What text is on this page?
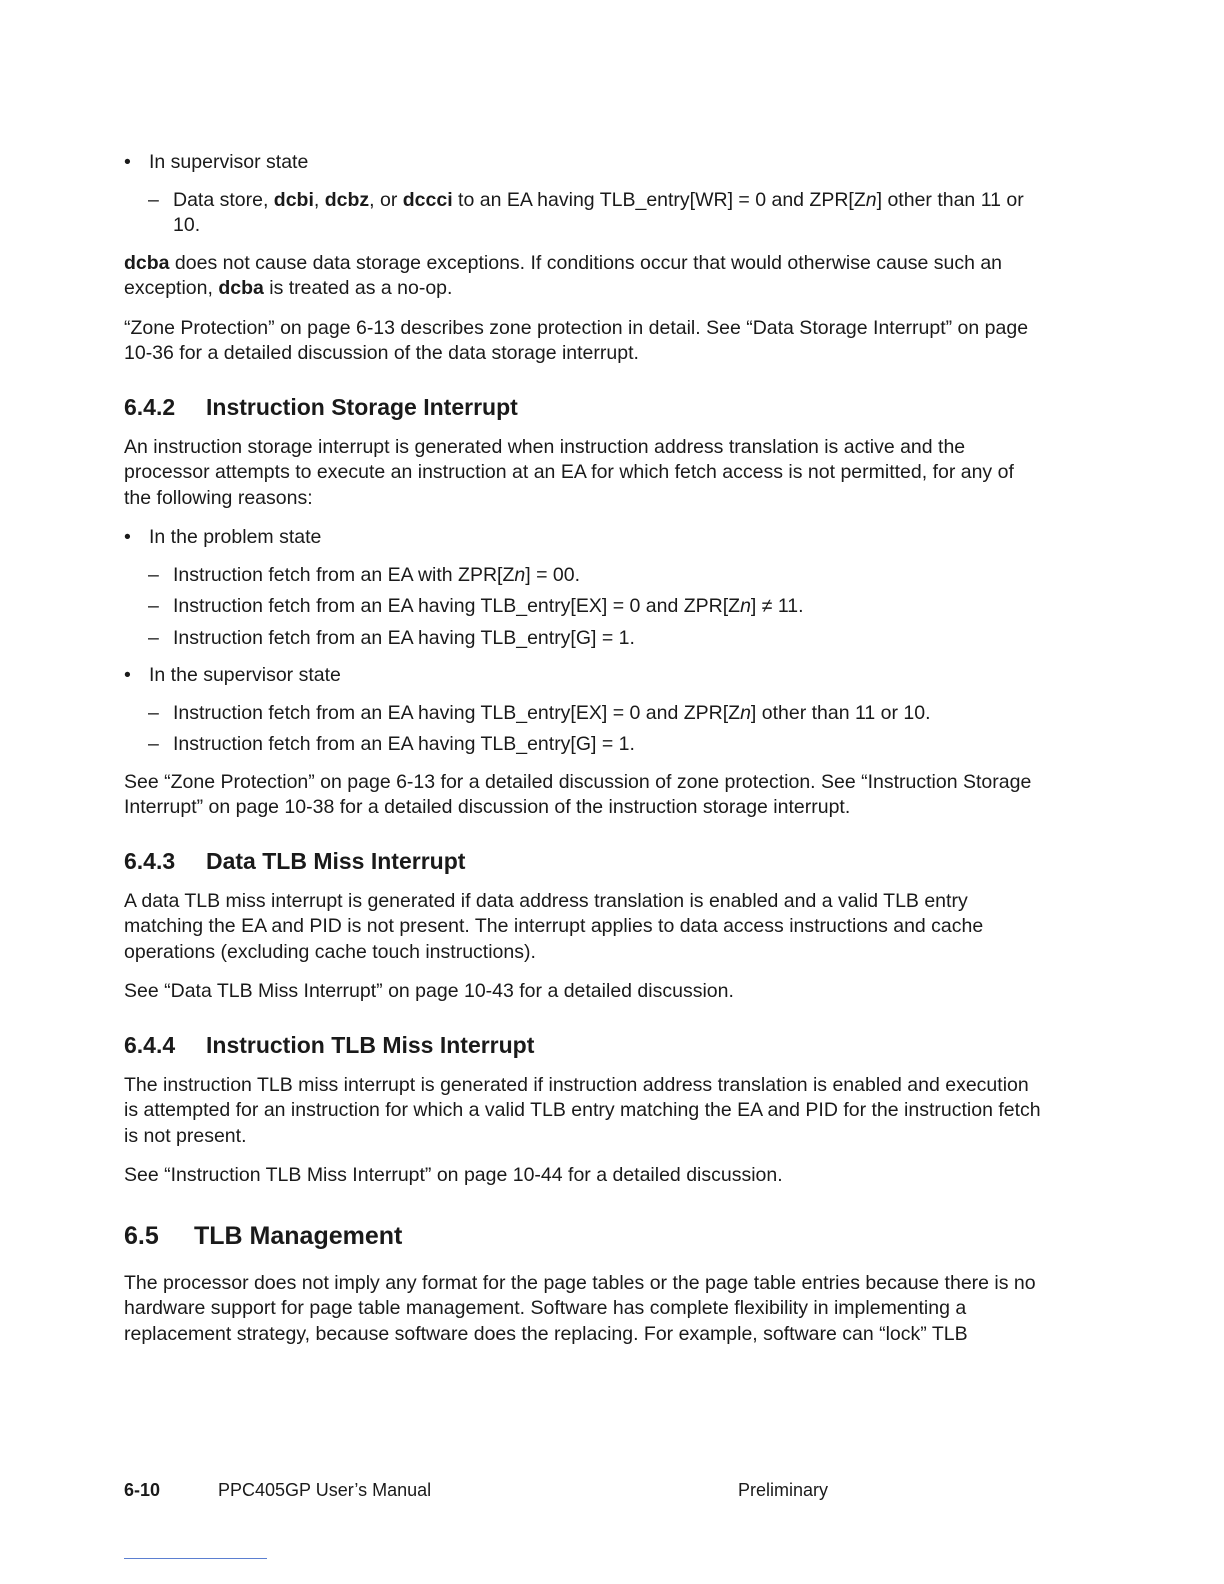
• In supervisor state

– Data store, dcbi, dcbz, or dccci to an EA having TLB_entry[WR] = 0 and ZPR[Zn] other than 11 or 10.

dcba does not cause data storage exceptions. If conditions occur that would otherwise cause such an exception, dcba is treated as a no-op.

“Zone Protection” on page 6-13 describes zone protection in detail. See “Data Storage Interrupt” on page 10-36 for a detailed discussion of the data storage interrupt.

6.4.2 Instruction Storage Interrupt

An instruction storage interrupt is generated when instruction address translation is active and the processor attempts to execute an instruction at an EA for which fetch access is not permitted, for any of the following reasons:

• In the problem state

– Instruction fetch from an EA with ZPR[Zn] = 00.

– Instruction fetch from an EA having TLB_entry[EX] = 0 and ZPR[Zn] ≠ 11.

– Instruction fetch from an EA having TLB_entry[G] = 1.

• In the supervisor state

– Instruction fetch from an EA having TLB_entry[EX] = 0 and ZPR[Zn] other than 11 or 10.

– Instruction fetch from an EA having TLB_entry[G] = 1.

See “Zone Protection” on page 6-13 for a detailed discussion of zone protection. See “Instruction Storage Interrupt” on page 10-38 for a detailed discussion of the instruction storage interrupt.

6.4.3 Data TLB Miss Interrupt

A data TLB miss interrupt is generated if data address translation is enabled and a valid TLB entry matching the EA and PID is not present. The interrupt applies to data access instructions and cache operations (excluding cache touch instructions).

See “Data TLB Miss Interrupt” on page 10-43 for a detailed discussion.

6.4.4 Instruction TLB Miss Interrupt

The instruction TLB miss interrupt is generated if instruction address translation is enabled and execution is attempted for an instruction for which a valid TLB entry matching the EA and PID for the instruction fetch is not present.

See “Instruction TLB Miss Interrupt” on page 10-44 for a detailed discussion.

6.5 TLB Management

The processor does not imply any format for the page tables or the page table entries because there is no hardware support for page table management. Software has complete flexibility in implementing a replacement strategy, because software does the replacing. For example, software can “lock” TLB

6-10	PPC405GP User’s Manual	Preliminary
